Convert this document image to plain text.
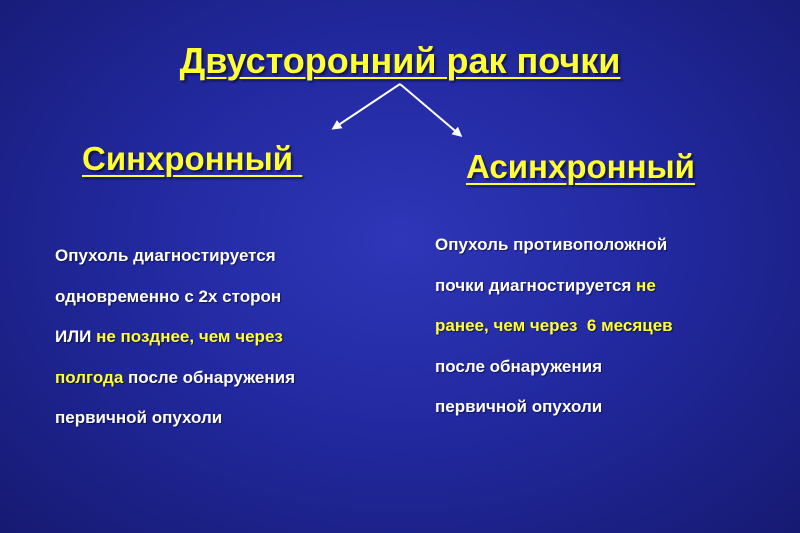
Двусторонний рак почки
Синхронный	Асинхронный
Опухоль диагностируется
одновременно с 2х сторон
ИЛИ не позднее, чем через
полгода после обнаружения
первичной опухоли
Опухоль противоположной
почки диагностируется не
ранее, чем через  6 месяцев
после обнаружения
первичной опухоли
